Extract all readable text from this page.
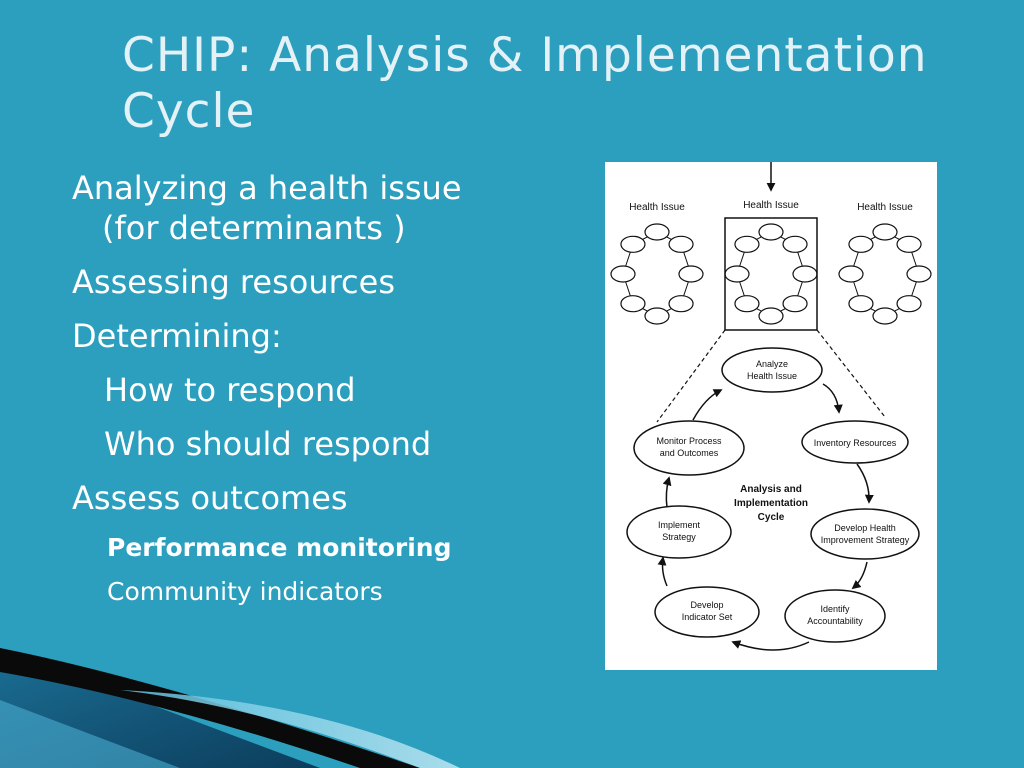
CHIP: Analysis & Implementation
Cycle
Analyzing a health issue
(for determinants )
Assessing resources
Determining:
How to respond
Who should respond
Assess outcomes
Performance monitoring
Community indicators
Health Issue	Health Issue	Health Issue
Analyze
Health Issue
Inventory Resources
Develop Health
Improvement Strategy
Identify
Accountability
Develop
Indicator Set
Implement
Strategy
Monitor Process
and Outcomes
Analysis and
Implementation
Cycle
